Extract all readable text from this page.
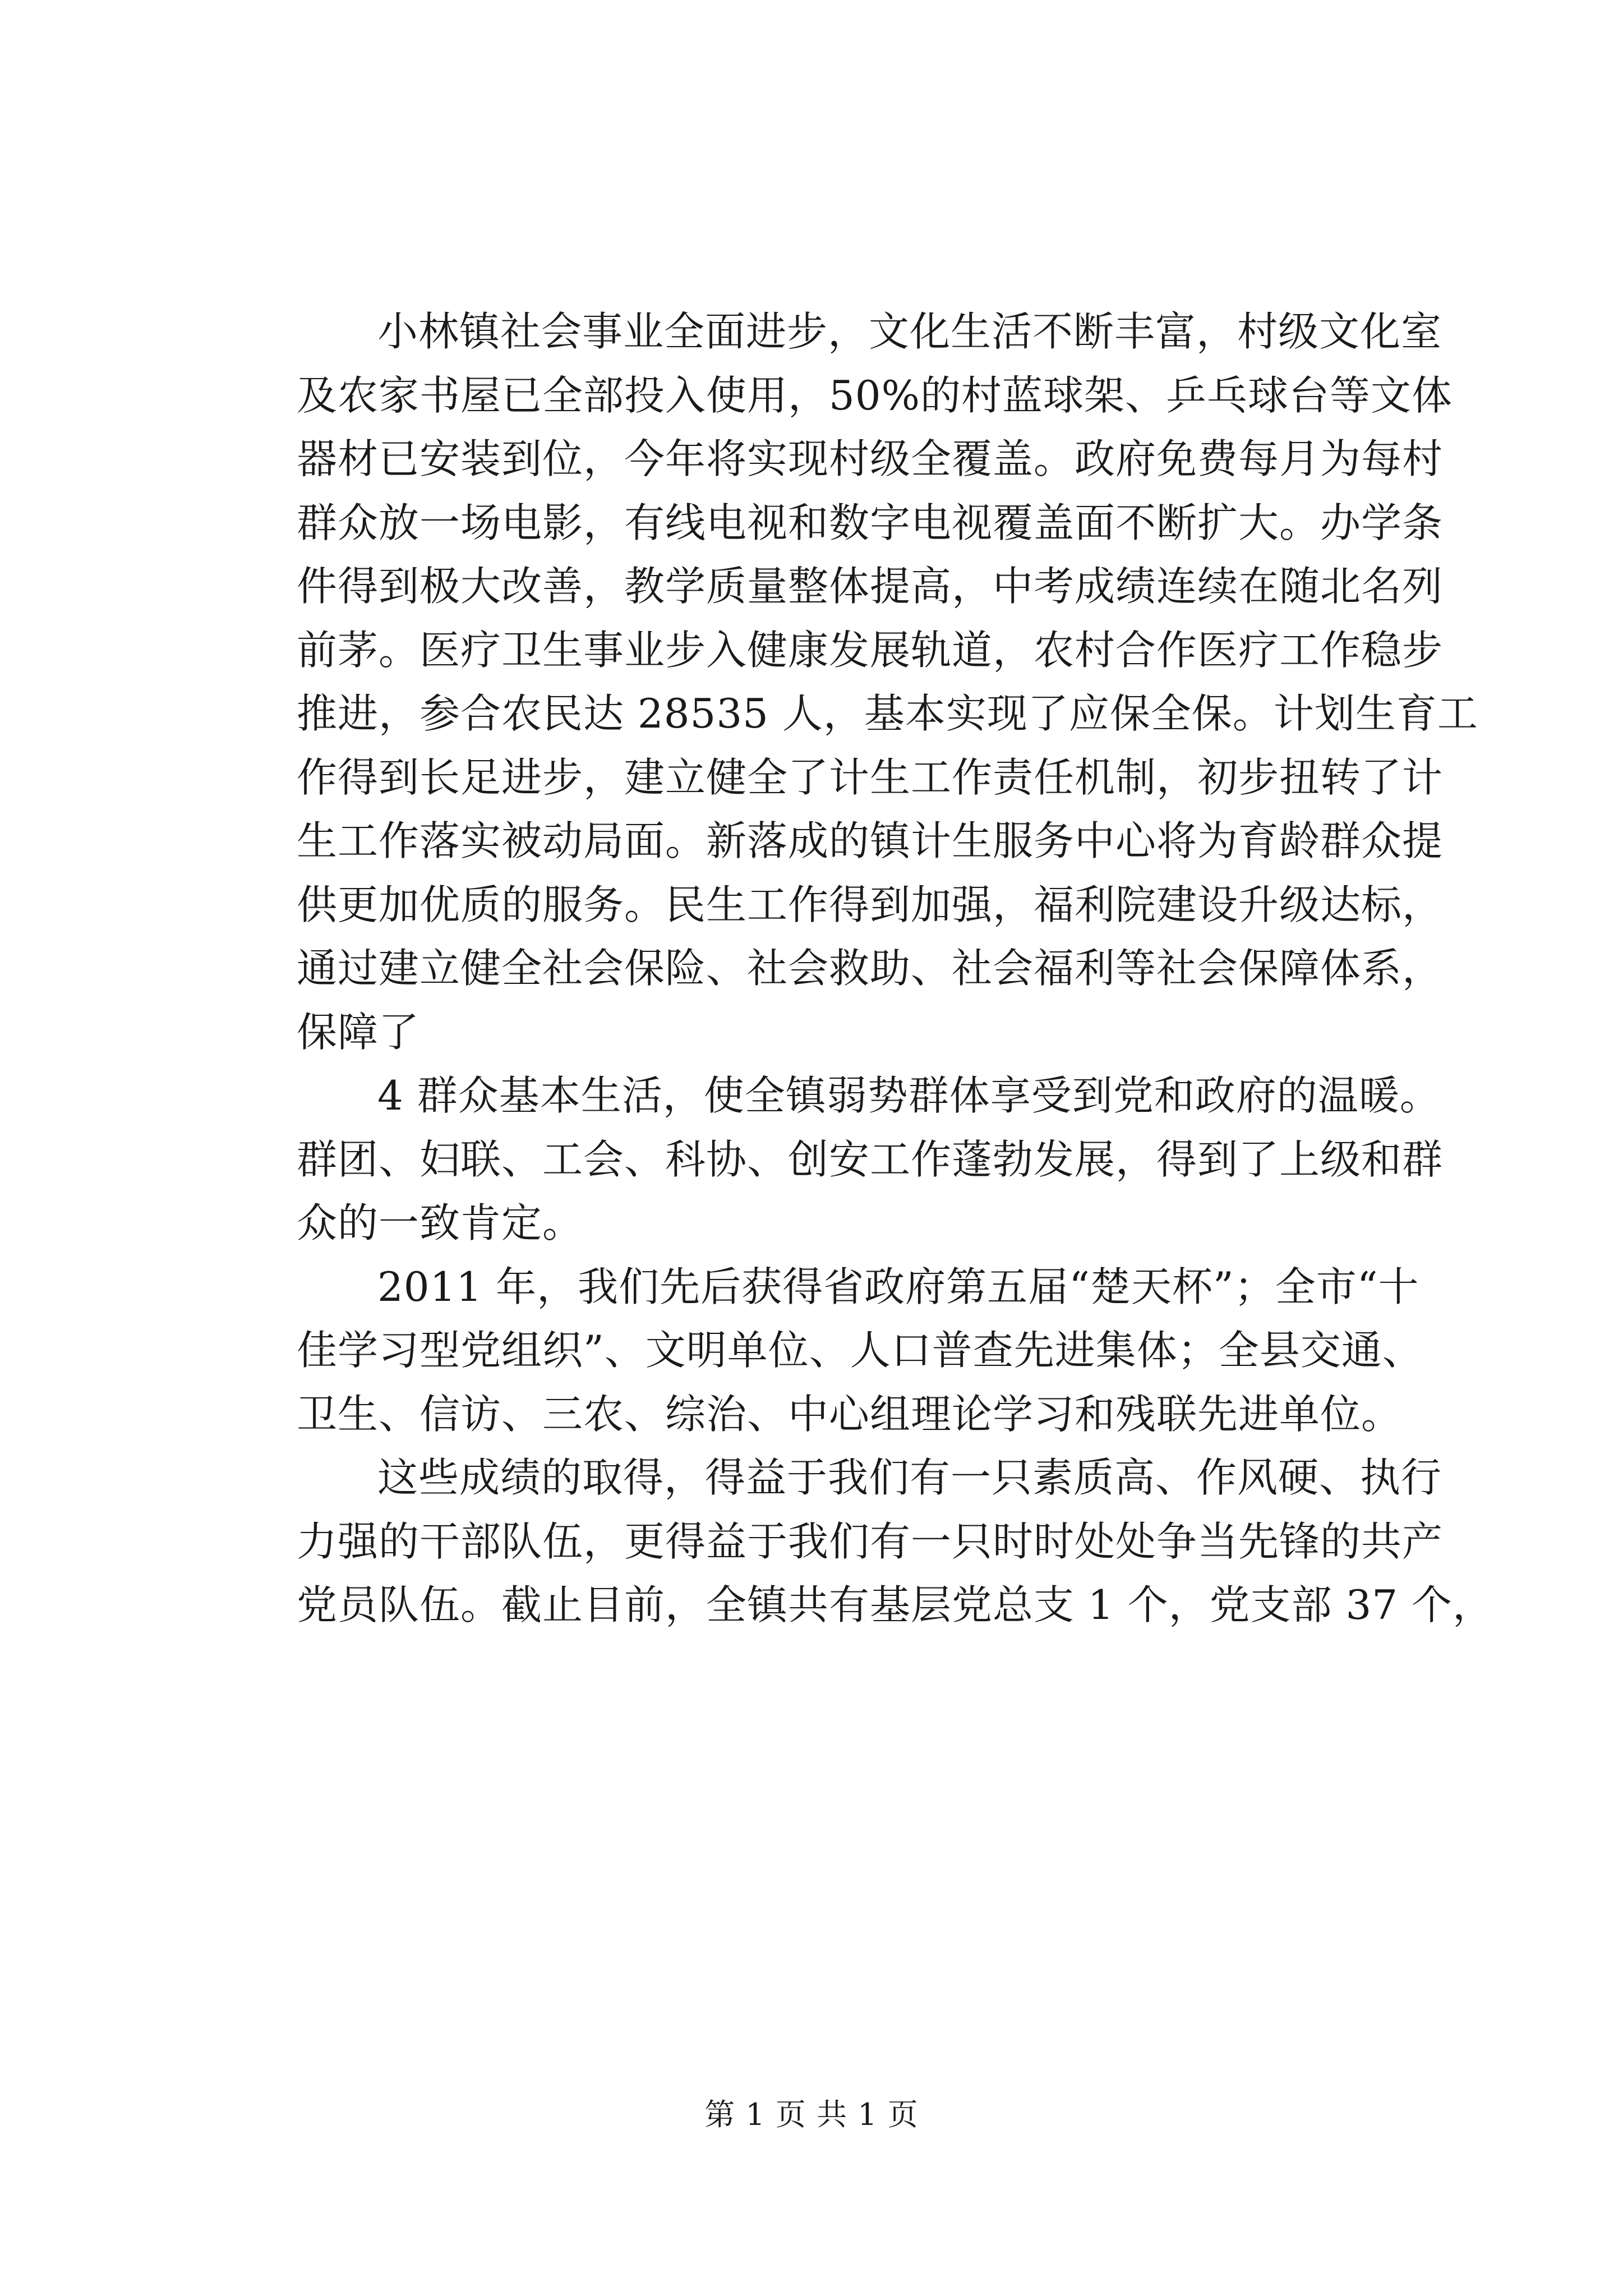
小林镇社会事业全面进步，文化生活不断丰富，村级文化室
及农家书屋已全部投入使用，50%的村蓝球架、乒乓球台等文体
器材已安装到位，今年将实现村级全覆盖。政府免费每月为每村
群众放一场电影，有线电视和数字电视覆盖面不断扩大。办学条
件得到极大改善，教学质量整体提高，中考成绩连续在随北名列
前茅。医疗卫生事业步入健康发展轨道，农村合作医疗工作稳步
推进，参合农民达 28535 人，基本实现了应保全保。计划生育工
作得到长足进步，建立健全了计生工作责任机制，初步扭转了计
生工作落实被动局面。新落成的镇计生服务中心将为育龄群众提
供更加优质的服务。民生工作得到加强，福利院建设升级达标，
通过建立健全社会保险、社会救助、社会福利等社会保障体系，
保障了
4 群众基本生活，使全镇弱势群体享受到党和政府的温暖。
群团、妇联、工会、科协、创安工作蓬勃发展，得到了上级和群
众的一致肯定。
2011 年，我们先后获得省政府第五届“楚天杯”；全市“十
佳学习型党组织”、文明单位、人口普查先进集体；全县交通、
卫生、信访、三农、综治、中心组理论学习和残联先进单位。
这些成绩的取得，得益于我们有一只素质高、作风硬、执行
力强的干部队伍，更得益于我们有一只时时处处争当先锋的共产
党员队伍。截止目前，全镇共有基层党总支 1 个，党支部 37 个，
第 1 页 共 1 页
